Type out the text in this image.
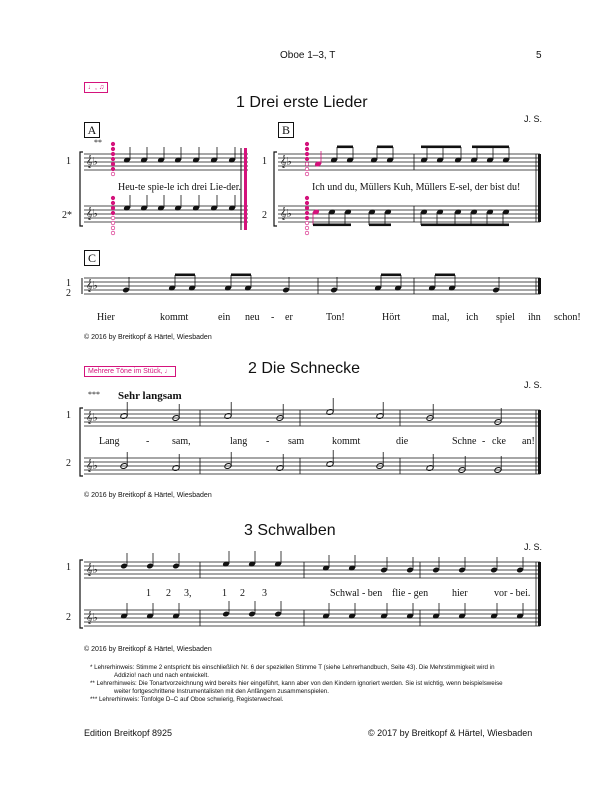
Oboe 1–3, T	5
♩, ♫
1 Drei erste Lieder
J. S.
A
**
B
1
2*
1
2
Heu-te spie-le ich drei Lie-der.	Ich und du, Müllers Kuh, Müllers E-sel, der bist du!
C
1
2
Hier	kommt	ein neu - er	Ton!	Hört	mal, ich spiel ihn schon!
© 2016 by Breitkopf & Härtel, Wiesbaden
Mehrere Töne im Stück, ♩	2 Die Schnecke
J. S.
*** Sehr langsam
1
2
Lang	- sam,	lang - sam	kommt	die	Schne - cke an!
© 2016 by Breitkopf & Härtel, Wiesbaden
3 Schwalben
J. S.
1
2
1 2 3,	1 2 3	Schwal - ben flie - gen hier	vor - bei.
© 2016 by Breitkopf & Härtel, Wiesbaden
* Lehrerhinweis: Stimme 2 entspricht bis einschließlich Nr. 6 der speziellen Stimme T (siehe Lehrerhandbuch, Seite 43). Die Mehrstimmigkeit wird in
Addizio! nach und nach entwickelt.
** Lehrerhinweis: Die Tonartvorzeichnung wird bereits hier eingeführt, kann aber von den Kindern ignoriert werden. Sie ist wichtig, wenn beispielsweise
weiter fortgeschrittene Instrumentalisten mit den Anfängern zusammenspielen.
*** Lehrerhinweis: Tonfolge D–C auf Oboe schwierig, Registerwechsel.
Edition Breitkopf 8925	© 2017 by Breitkopf & Härtel, Wiesbaden
𝄞♭
𝄞♭
𝄞♭
𝄞♭
𝄞♭
𝄞♭
𝄞♭
𝄞♭
𝄞♭
